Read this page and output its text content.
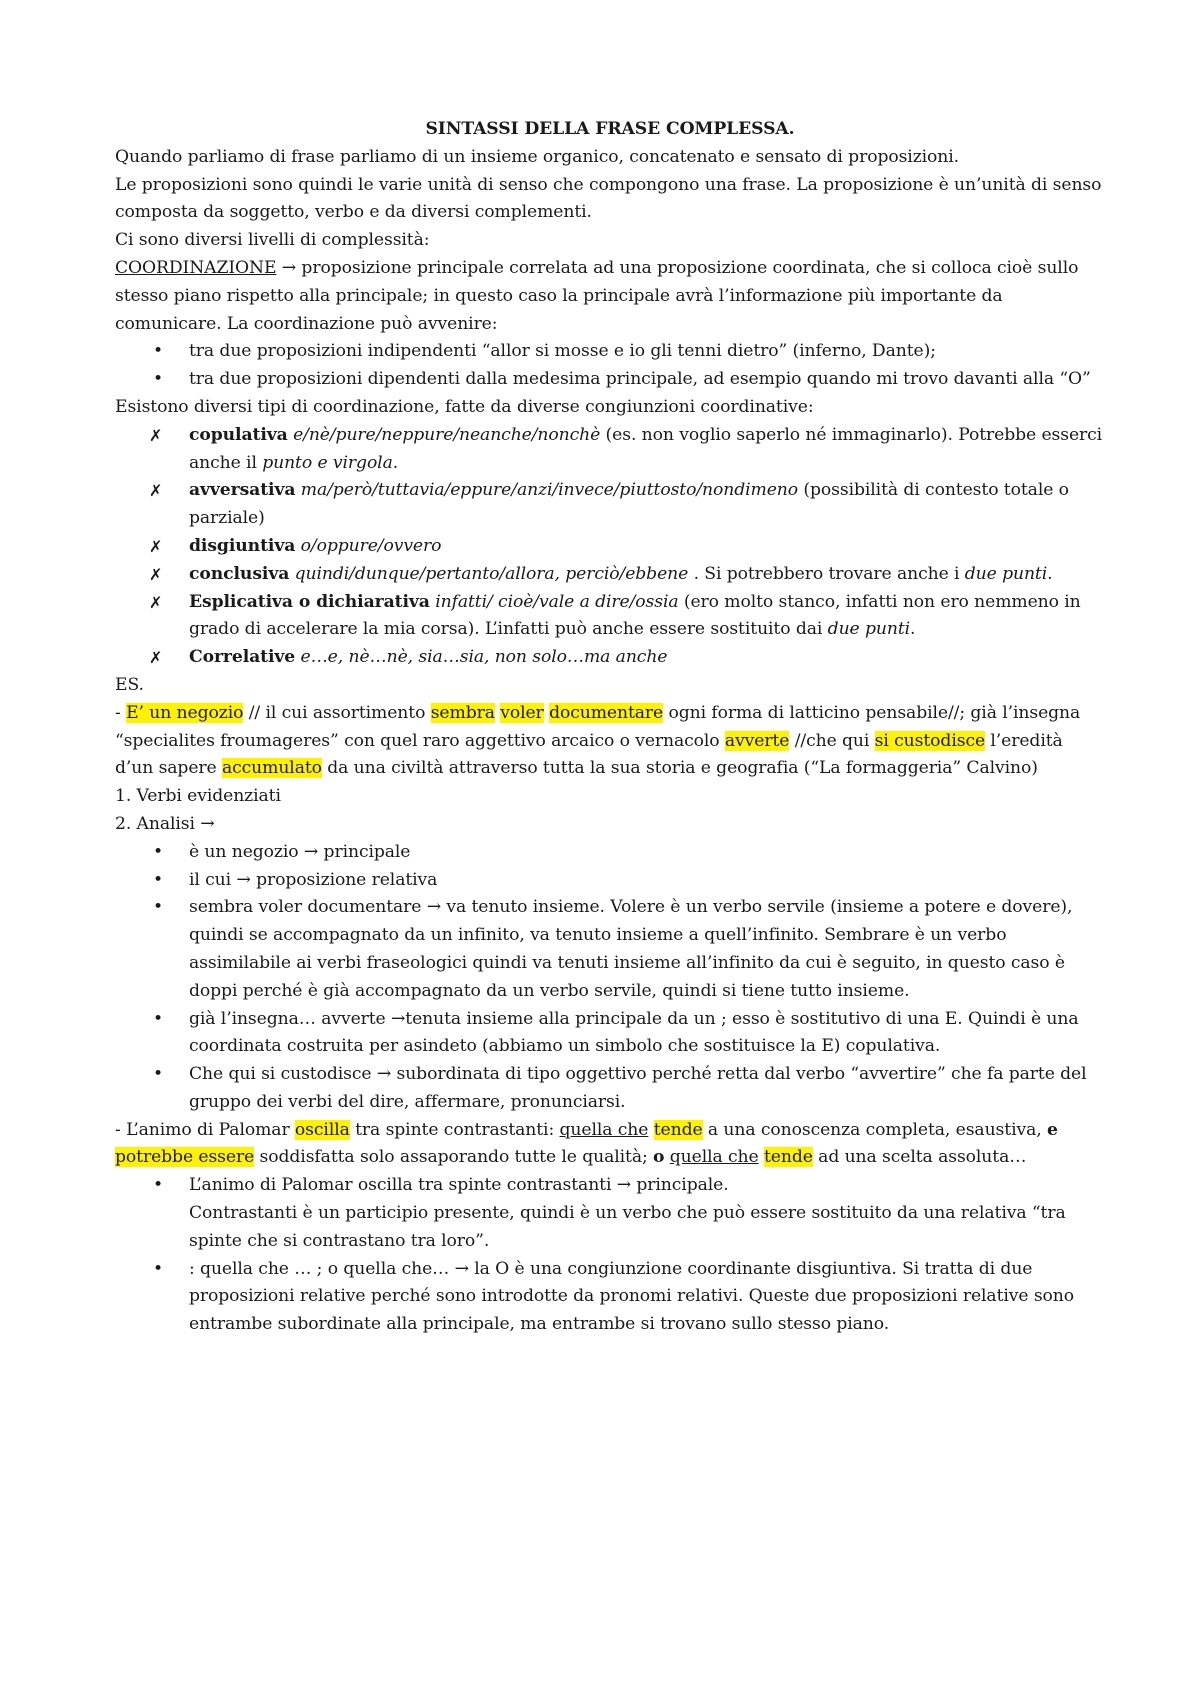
SINTASSI DELLA FRASE COMPLESSA.

Quando parliamo di frase parliamo di un insieme organico, concatenato e sensato di proposizioni.

Le proposizioni sono quindi le varie unità di senso che compongono una frase. La proposizione è un’unità di senso composta da soggetto, verbo e da diversi complementi.

Ci sono diversi livelli di complessità:

COORDINAZIONE → proposizione principale correlata ad una proposizione coordinata, che si colloca cioè sullo stesso piano rispetto alla principale; in questo caso la principale avrà l’informazione più importante da comunicare. La coordinazione può avvenire:

• tra due proposizioni indipendenti “allor si mosse e io gli tenni dietro” (inferno, Dante);
• tra due proposizioni dipendenti dalla medesima principale, ad esempio quando mi trovo davanti alla “O”

Esistono diversi tipi di coordinazione, fatte da diverse congiunzioni coordinative:

✗ copulativa e/nè/pure/neppure/neanche/nonchè (es. non voglio saperlo né immaginarlo). Potrebbe esserci anche il punto e virgola.
✗ avversativa ma/però/tuttavia/eppure/anzi/invece/piuttosto/nondimeno (possibilità di contesto totale o parziale)
✗ disgiuntiva o/oppure/ovvero
✗ conclusiva quindi/dunque/pertanto/allora, perciò/ebbene . Si potrebbero trovare anche i due punti.
✗ Esplicativa o dichiarativa infatti/ cioè/vale a dire/ossia (ero molto stanco, infatti non ero nemmeno in grado di accelerare la mia corsa). L’infatti può anche essere sostituito dai due punti.
✗ Correlative e…e, nè…nè, sia…sia, non solo…ma anche

ES.

- E’ un negozio // il cui assortimento sembra voler documentare ogni forma di latticino pensabile//; già l’insegna “specialites froumageres” con quel raro aggettivo arcaico o vernacolo avverte //che qui si custodisce l’eredità d’un sapere accumulato da una civiltà attraverso tutta la sua storia e geografia (“La formaggeria” Calvino)

1. Verbi evidenziati

2. Analisi →

• è un negozio → principale
• il cui → proposizione relativa
• sembra voler documentare → va tenuto insieme. Volere è un verbo servile (insieme a potere e dovere), quindi se accompagnato da un infinito, va tenuto insieme a quell’infinito. Sembrare è un verbo assimilabile ai verbi fraseologici quindi va tenuti insieme all’infinito da cui è seguito, in questo caso è doppi perché è già accompagnato da un verbo servile, quindi si tiene tutto insieme.
• già l’insegna… avverte →tenuta insieme alla principale da un ; esso è sostitutivo di una E. Quindi è una coordinata costruita per asindeto (abbiamo un simbolo che sostituisce la E) copulativa.
• Che qui si custodisce → subordinata di tipo oggettivo perché retta dal verbo “avvertire” che fa parte del gruppo dei verbi del dire, affermare, pronunciarsi.

- L’animo di Palomar oscilla tra spinte contrastanti: quella che tende a una conoscenza completa, esaustiva, e potrebbe essere soddisfatta solo assaporando tutte le qualità; o quella che tende ad una scelta assoluta…

• L’animo di Palomar oscilla tra spinte contrastanti → principale.
Contrastanti è un participio presente, quindi è un verbo che può essere sostituito da una relativa “tra spinte che si contrastano tra loro”.
• : quella che … ; o quella che… → la O è una congiunzione coordinante disgiuntiva. Si tratta di due proposizioni relative perché sono introdotte da pronomi relativi. Queste due proposizioni relative sono entrambe subordinate alla principale, ma entrambe si trovano sullo stesso piano.
